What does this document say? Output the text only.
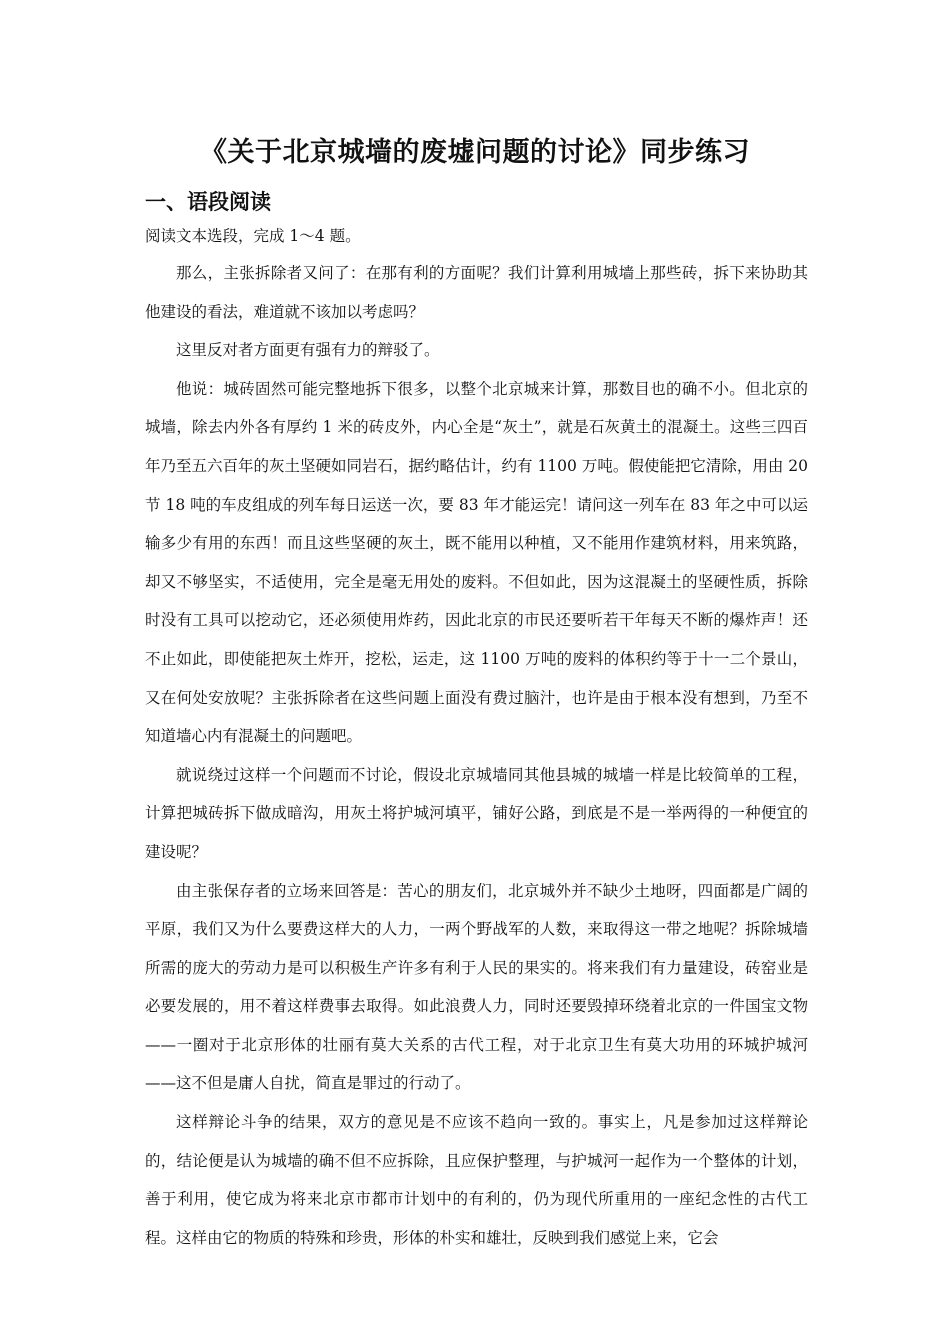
《关于北京城墙的废墟问题的讨论》同步练习
一、语段阅读
阅读文本选段，完成 1～4 题。

那么，主张拆除者又问了：在那有利的方面呢？我们计算利用城墙上那些砖，拆下来协助其他建设的看法，难道就不该加以考虑吗？

这里反对者方面更有强有力的辩驳了。

他说：城砖固然可能完整地拆下很多，以整个北京城来计算，那数目也的确不小。但北京的城墙，除去内外各有厚约 1 米的砖皮外，内心全是“灰土”，就是石灰黄土的混凝土。这些三四百年乃至五六百年的灰土坚硬如同岩石，据约略估计，约有 1100 万吨。假使能把它清除，用由 20 节 18 吨的车皮组成的列车每日运送一次，要 83 年才能运完！请问这一列车在 83 年之中可以运输多少有用的东西！而且这些坚硬的灰土，既不能用以种植，又不能用作建筑材料，用来筑路，却又不够坚实，不适使用，完全是毫无用处的废料。不但如此，因为这混凝土的坚硬性质，拆除时没有工具可以挖动它，还必须使用炸药，因此北京的市民还要听若干年每天不断的爆炸声！还不止如此，即使能把灰土炸开，挖松，运走，这 1100 万吨的废料的体积约等于十一二个景山，又在何处安放呢？主张拆除者在这些问题上面没有费过脑汁，也许是由于根本没有想到，乃至不知道墙心内有混凝土的问题吧。

就说绕过这样一个问题而不讨论，假设北京城墙同其他县城的城墙一样是比较简单的工程，计算把城砖拆下做成暗沟，用灰土将护城河填平，铺好公路，到底是不是一举两得的一种便宜的建设呢？

由主张保存者的立场来回答是：苦心的朋友们，北京城外并不缺少土地呀，四面都是广阔的平原，我们又为什么要费这样大的人力，一两个野战军的人数，来取得这一带之地呢？拆除城墙所需的庞大的劳动力是可以积极生产许多有利于人民的果实的。将来我们有力量建设，砖窑业是必要发展的，用不着这样费事去取得。如此浪费人力，同时还要毁掉环绕着北京的一件国宝文物——一圈对于北京形体的壮丽有莫大关系的古代工程，对于北京卫生有莫大功用的环城护城河——这不但是庸人自扰，简直是罪过的行动了。

这样辩论斗争的结果，双方的意见是不应该不趋向一致的。事实上，凡是参加过这样辩论的，结论便是认为城墙的确不但不应拆除，且应保护整理，与护城河一起作为一个整体的计划，善于利用，使它成为将来北京市都市计划中的有利的，仍为现代所重用的一座纪念性的古代工程。这样由它的物质的特殊和珍贵，形体的朴实和雄壮，反映到我们感觉上来，它会
